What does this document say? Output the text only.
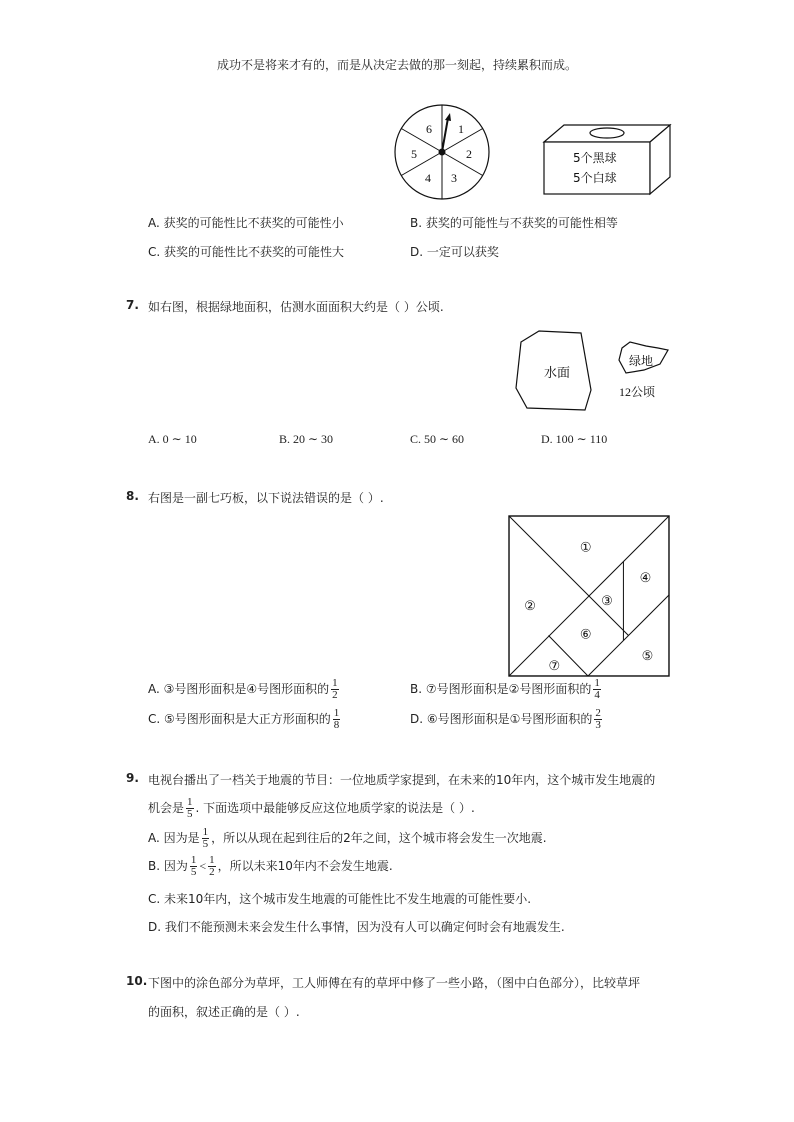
成功不是将来才有的，而是从决定去做的那一刻起，持续累积而成。
1
2
3
4
5
6
5个黑球
5个白球
A. 获奖的可能性比不获奖的可能性小	B. 获奖的可能性与不获奖的可能性相等
C. 获奖的可能性比不获奖的可能性大	D. 一定可以获奖
7. 如右图，根据绿地面积，估测水面面积大约是（ ）公顷.
水面
绿地
12公顷
A. 0 ∼ 10	B. 20 ∼ 30	C. 50 ∼ 60	D. 100 ∼ 110
8. 右图是一副七巧板，以下说法错误的是（ ）.
①
②	③
④
⑤
⑥
⑦
A. ③号图形面积是④号图形面积的 $\frac{1}{2}$	B. ⑦号图形面积是②号图形面积的 $\frac{1}{4}$
C. ⑤号图形面积是大正方形面积的 $\frac{1}{8}$	D. ⑥号图形面积是①号图形面积的 $\frac{2}{3}$
9. 电视台播出了一档关于地震的节目：一位地质学家提到，在未来的10年内，这个城市发生地震的
机会是 $\frac{1}{5}$ . 下面选项中最能够反应这位地质学家的说法是（ ）.
A. 因为是 $\frac{1}{5}$ ，所以从现在起到往后的2年之间，这个城市将会发生一次地震.
B. 因为 $\frac{1}{5} < \frac{1}{2}$ ，所以未来10年内不会发生地震.
C. 未来10年内，这个城市发生地震的可能性比不发生地震的可能性要小.
D. 我们不能预测未来会发生什么事情，因为没有人可以确定何时会有地震发生.
10. 下图中的涂色部分为草坪，工人师傅在有的草坪中修了一些小路，（图中白色部分），比较草坪
的面积，叙述正确的是（ ）.
